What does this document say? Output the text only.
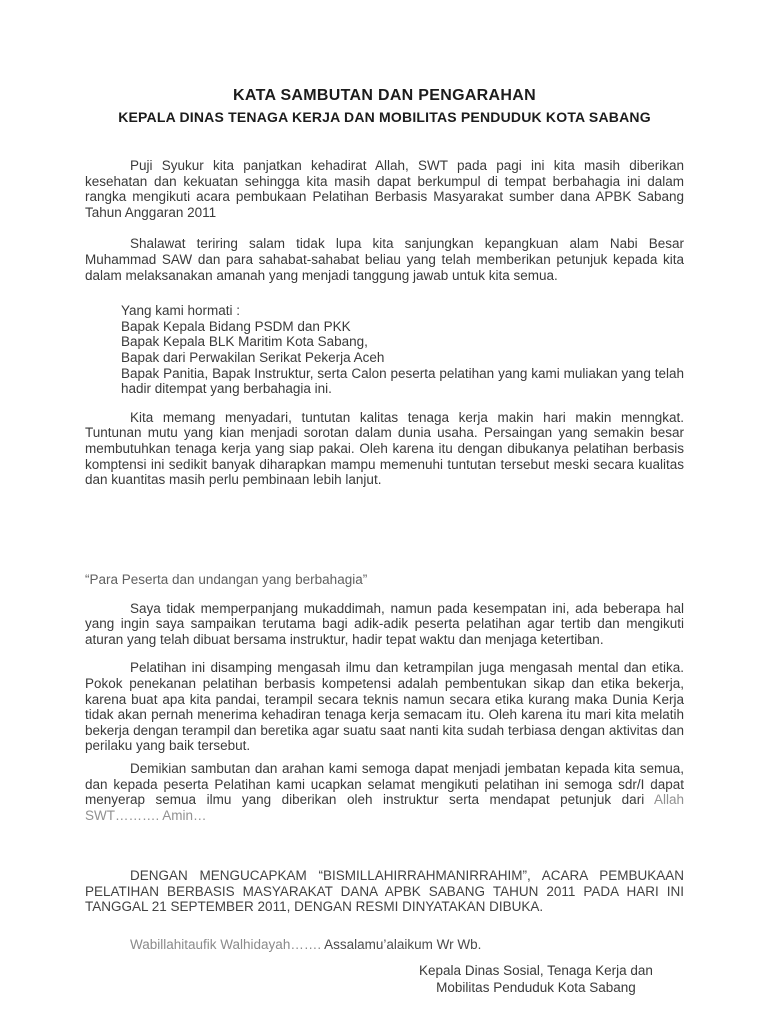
KATA SAMBUTAN DAN PENGARAHAN
KEPALA DINAS TENAGA KERJA DAN MOBILITAS PENDUDUK KOTA SABANG

Puji Syukur kita panjatkan kehadirat Allah, SWT pada pagi ini kita masih diberikan kesehatan dan kekuatan sehingga kita masih dapat berkumpul di tempat berbahagia ini dalam rangka mengikuti acara pembukaan Pelatihan Berbasis Masyarakat sumber dana APBK Sabang Tahun Anggaran 2011

Shalawat teriring salam tidak lupa kita sanjungkan kepangkuan alam Nabi Besar Muhammad SAW dan para sahabat-sahabat beliau yang telah memberikan petunjuk kepada kita dalam melaksanakan amanah yang menjadi tanggung jawab untuk kita semua.

Yang kami hormati :
Bapak Kepala Bidang PSDM dan PKK
Bapak Kepala BLK Maritim Kota Sabang,
Bapak dari Perwakilan Serikat Pekerja Aceh
Bapak Panitia, Bapak Instruktur, serta Calon peserta pelatihan yang kami muliakan yang telah hadir ditempat yang berbahagia ini.

Kita memang menyadari, tuntutan kalitas tenaga kerja makin hari makin menngkat. Tuntunan mutu yang kian menjadi sorotan dalam dunia usaha. Persaingan yang semakin besar membutuhkan tenaga kerja yang siap pakai. Oleh karena itu dengan dibukanya pelatihan berbasis komptensi ini sedikit banyak diharapkan mampu memenuhi tuntutan tersebut meski secara kualitas dan kuantitas masih perlu pembinaan lebih lanjut.

“Para Peserta dan undangan yang berbahagia”

Saya tidak memperpanjang mukaddimah, namun pada kesempatan ini, ada beberapa hal yang ingin saya sampaikan terutama bagi adik-adik peserta pelatihan agar tertib dan mengikuti aturan yang telah dibuat bersama instruktur, hadir tepat waktu dan menjaga ketertiban.

Pelatihan ini disamping mengasah ilmu dan ketrampilan juga mengasah mental dan etika. Pokok penekanan pelatihan berbasis kompetensi adalah pembentukan sikap dan etika bekerja, karena buat apa kita pandai, terampil secara teknis namun secara etika kurang maka Dunia Kerja tidak akan pernah menerima kehadiran tenaga kerja semacam itu. Oleh karena itu mari kita melatih bekerja dengan terampil dan beretika agar suatu saat nanti kita sudah terbiasa dengan aktivitas dan perilaku yang baik tersebut.

Demikian sambutan dan arahan kami semoga dapat menjadi jembatan kepada kita semua, dan kepada peserta Pelatihan kami ucapkan selamat mengikuti pelatihan ini semoga sdr/I dapat menyerap semua ilmu yang diberikan oleh instruktur serta mendapat petunjuk dari Allah SWT………. Amin…

DENGAN MENGUCAPKAM “BISMILLAHIRRAHMANIRRAHIM”, ACARA PEMBUKAAN PELATIHAN BERBASIS MASYARAKAT DANA APBK SABANG TAHUN 2011 PADA HARI INI TANGGAL 21 SEPTEMBER 2011, DENGAN RESMI DINYATAKAN DIBUKA.

Wabillahitaufik Walhidayah……. Assalamu’alaikum Wr Wb.
Kepala Dinas Sosial, Tenaga Kerja dan
Mobilitas Penduduk Kota Sabang
